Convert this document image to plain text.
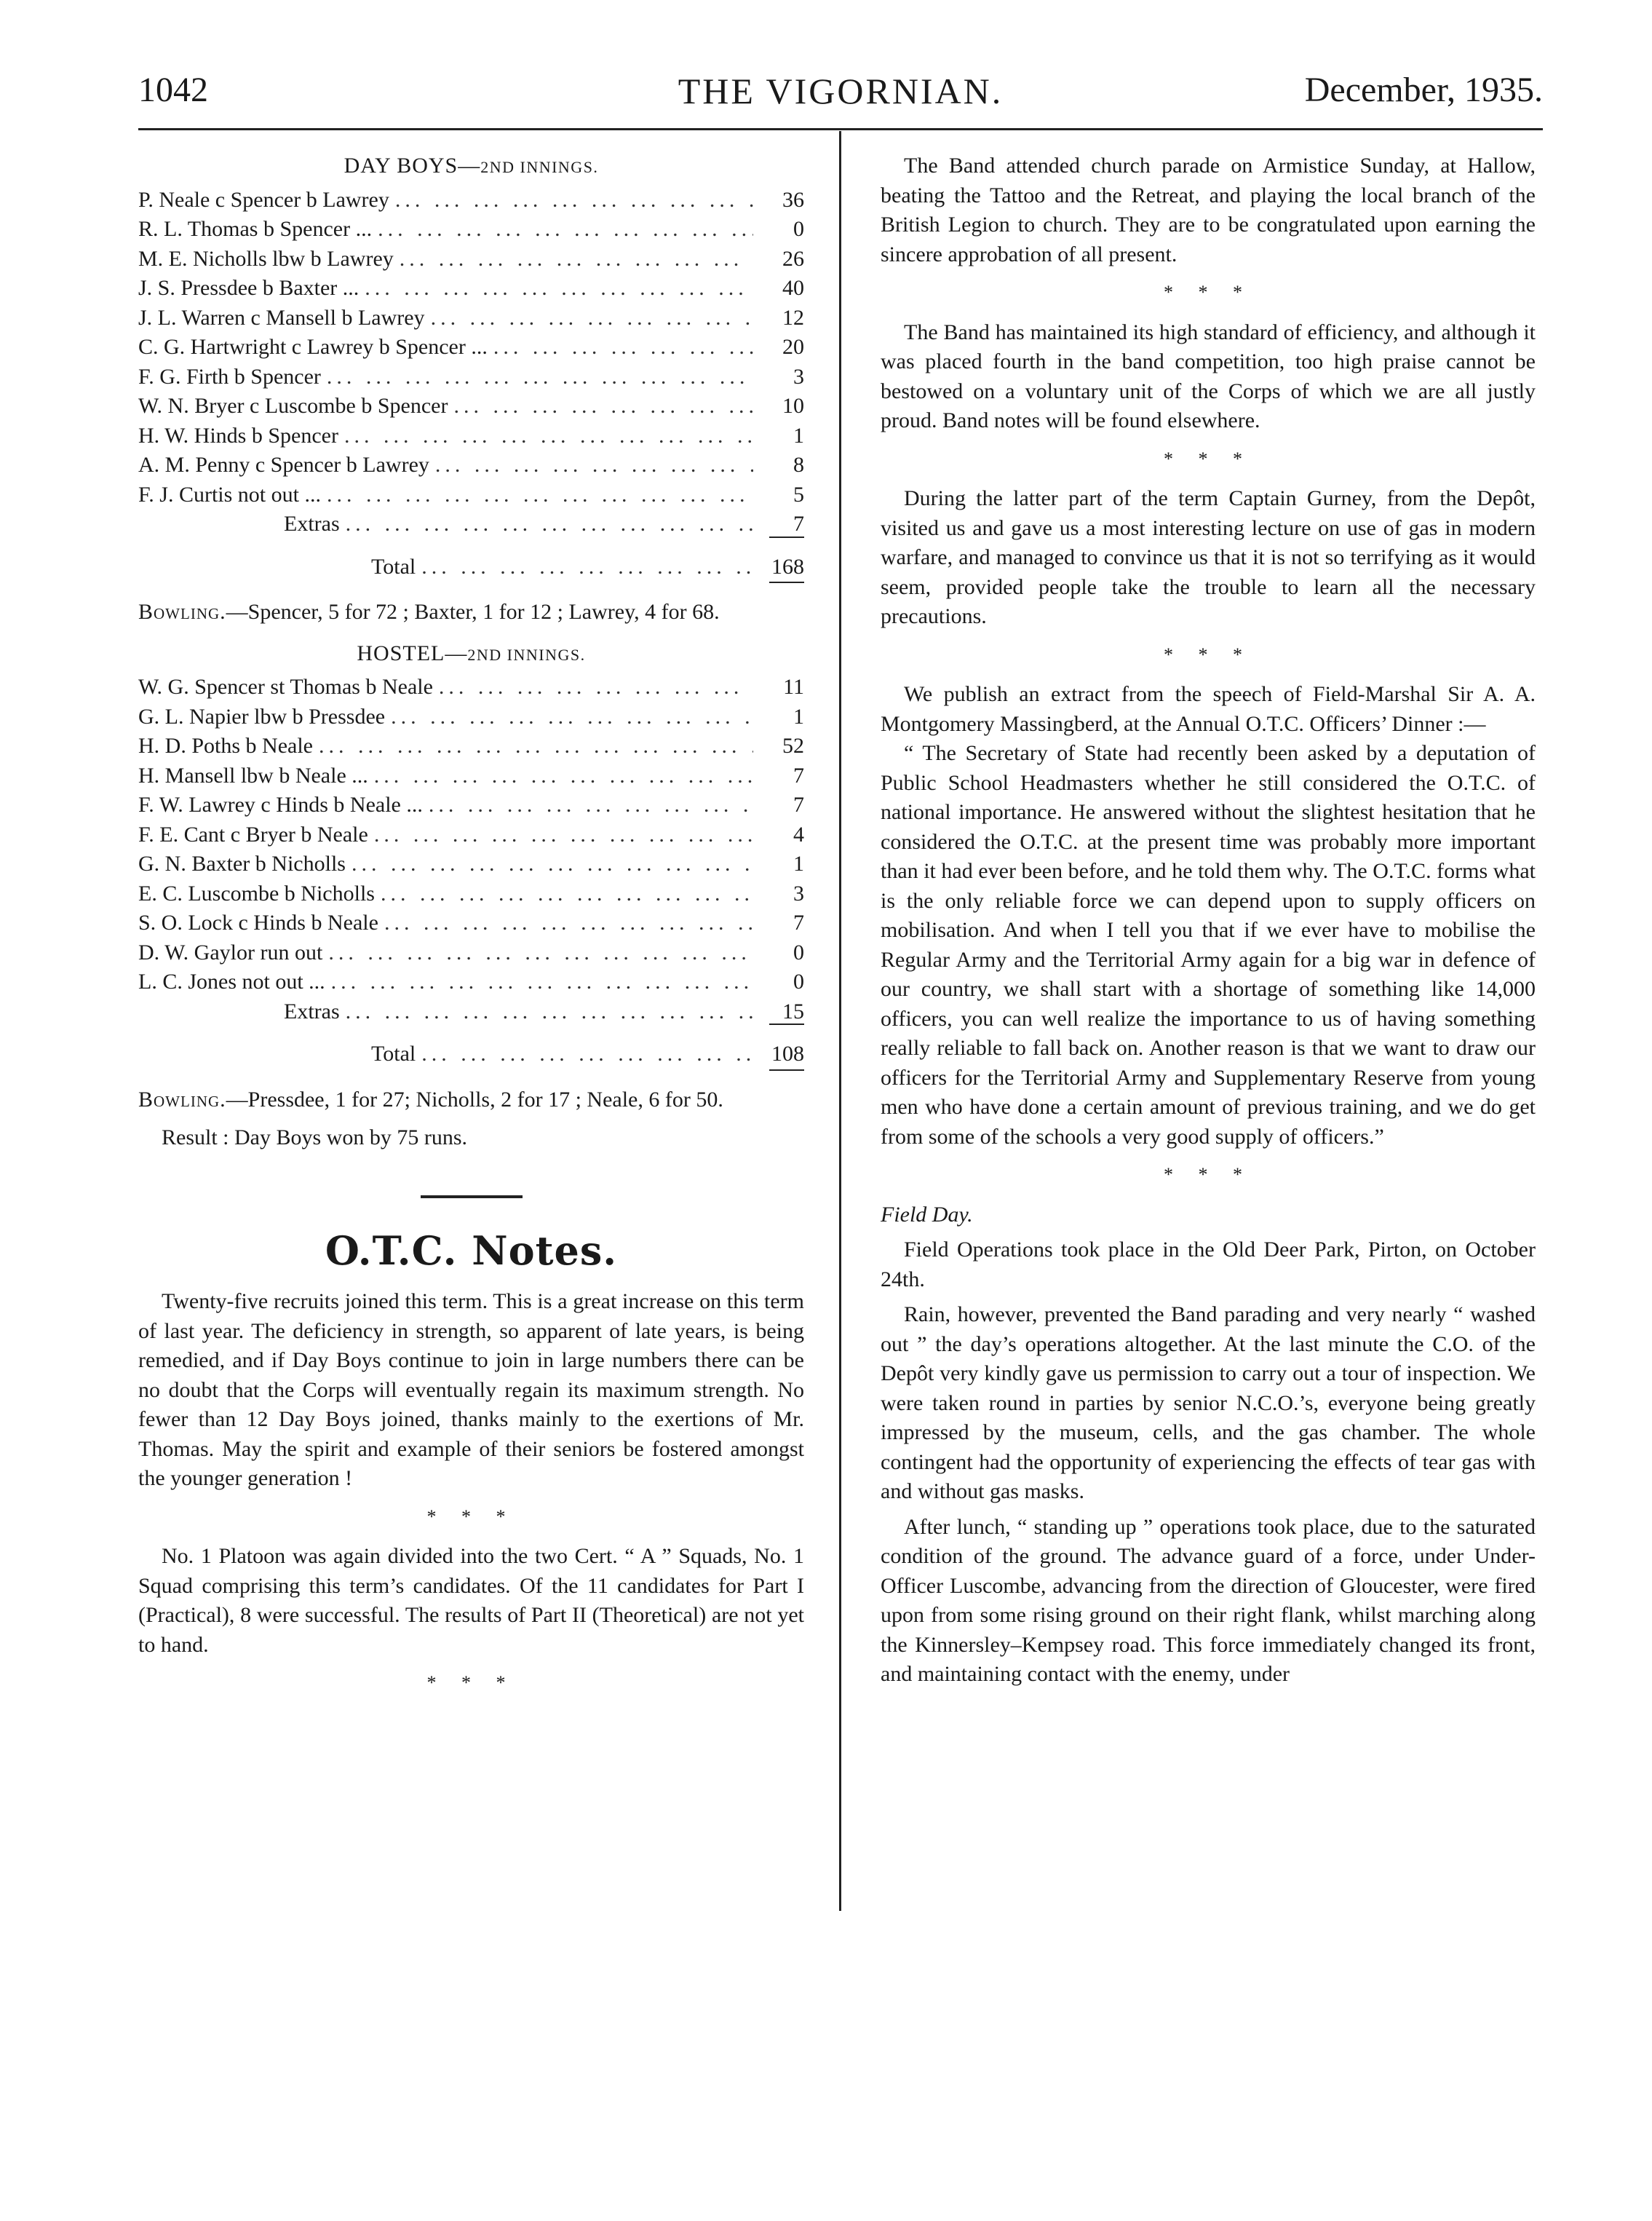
1042	THE VIGORNIAN.	December, 1935.
DAY BOYS—2ND INNINGS.
P. Neale c Spencer b Lawrey ... .	36
R. L. Thomas b Spencer ... ... .	0
M. E. Nicholls lbw b Lawrey ... .	26
J. S. Pressdee b Baxter ... ... .	40
J. L. Warren c Mansell b Lawrey ... .	12
C. G. Hartwright c Lawrey b Spencer ... ... .	20
F. G. Firth b Spencer ... .	3
W. N. Bryer c Luscombe b Spencer ... .	10
H. W. Hinds b Spencer ... .	1
A. M. Penny c Spencer b Lawrey ... .	8
F. J. Curtis not out ... ... .	5
Extras ... .	7
Total ... .	168

Bowling.—Spencer, 5 for 72 ; Baxter, 1 for 12 ; Lawrey, 4 for 68.

HOSTEL—2ND INNINGS.
W. G. Spencer st Thomas b Neale ... .	11
G. L. Napier lbw b Pressdee ... .	1
H. D. Poths b Neale ... .	52
H. Mansell lbw b Neale ... ... .	7
F. W. Lawrey c Hinds b Neale ... ... .	7
F. E. Cant c Bryer b Neale ... .	4
G. N. Baxter b Nicholls ... .	1
E. C. Luscombe b Nicholls ... .	3
S. O. Lock c Hinds b Neale ... .	7
D. W. Gaylor run out ... .	0
L. C. Jones not out ... ... .	0
Extras ... .	15
Total ... .	108

Bowling.—Pressdee, 1 for 27; Nicholls, 2 for 17 ; Neale, 6 for 50.

Result : Day Boys won by 75 runs.

O.T.C. Notes.

Twenty-five recruits joined this term. This is a great increase on this term of last year. The deficiency in strength, so apparent of late years, is being remedied, and if Day Boys continue to join in large numbers there can be no doubt that the Corps will eventually regain its maximum strength. No fewer than 12 Day Boys joined, thanks mainly to the exertions of Mr. Thomas. May the spirit and example of their seniors be fostered amongst the younger generation !

* * *

No. 1 Platoon was again divided into the two Cert. “ A ” Squads, No. 1 Squad comprising this term’s candidates. Of the 11 candidates for Part I (Practical), 8 were successful. The results of Part II (Theoretical) are not yet to hand.

* * *

The Band attended church parade on Armistice Sunday, at Hallow, beating the Tattoo and the Retreat, and playing the local branch of the British Legion to church. They are to be congratulated upon earning the sincere approbation of all present.

* * *

The Band has maintained its high standard of efficiency, and although it was placed fourth in the band competition, too high praise cannot be bestowed on a voluntary unit of the Corps of which we are all justly proud. Band notes will be found elsewhere.

* * *

During the latter part of the term Captain Gurney, from the Depôt, visited us and gave us a most interesting lecture on use of gas in modern warfare, and managed to convince us that it is not so terrifying as it would seem, provided people take the trouble to learn all the necessary precautions.

* * *

We publish an extract from the speech of Field-Marshal Sir A. A. Montgomery Massingberd, at the Annual O.T.C. Officers’ Dinner :—

“ The Secretary of State had recently been asked by a deputation of Public School Headmasters whether he still considered the O.T.C. of national importance. He answered without the slightest hesitation that he considered the O.T.C. at the present time was probably more important than it had ever been before, and he told them why. The O.T.C. forms what is the only reliable force we can depend upon to supply officers on mobilisation. And when I tell you that if we ever have to mobilise the Regular Army and the Territorial Army again for a big war in defence of our country, we shall start with a shortage of something like 14,000 officers, you can well realize the importance to us of having something really reliable to fall back on. Another reason is that we want to draw our officers for the Territorial Army and Supplementary Reserve from young men who have done a certain amount of previous training, and we do get from some of the schools a very good supply of officers.”

* * *

Field Day.

Field Operations took place in the Old Deer Park, Pirton, on October 24th.

Rain, however, prevented the Band parading and very nearly “ washed out ” the day’s operations altogether. At the last minute the C.O. of the Depôt very kindly gave us permission to carry out a tour of inspection. We were taken round in parties by senior N.C.O.’s, everyone being greatly impressed by the museum, cells, and the gas chamber. The whole contingent had the opportunity of experiencing the effects of tear gas with and without gas masks.

After lunch, “ standing up ” operations took place, due to the saturated condition of the ground. The advance guard of a force, under Under-Officer Luscombe, advancing from the direction of Gloucester, were fired upon from some rising ground on their right flank, whilst marching along the Kinnersley–Kempsey road. This force immediately changed its front, and maintaining contact with the enemy, under
